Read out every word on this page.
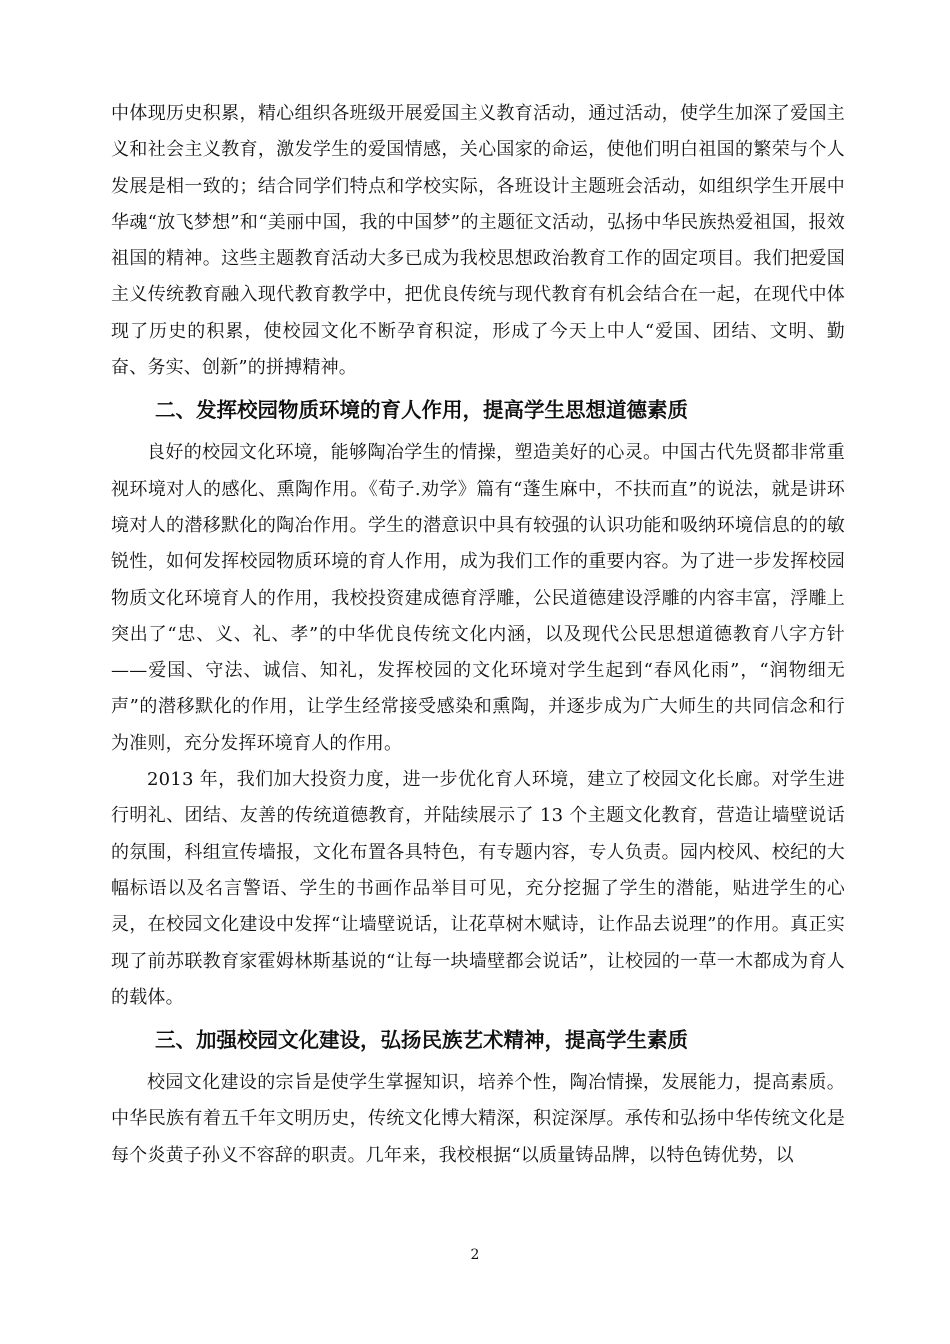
中体现历史积累，精心组织各班级开展爱国主义教育活动，通过活动，使学生加深了爱国主义和社会主义教育，激发学生的爱国情感，关心国家的命运，使他们明白祖国的繁荣与个人发展是相一致的；结合同学们特点和学校实际，各班设计主题班会活动，如组织学生开展中华魂“放飞梦想”和“美丽中国，我的中国梦”的主题征文活动，弘扬中华民族热爱祖国，报效祖国的精神。这些主题教育活动大多已成为我校思想政治教育工作的固定项目。我们把爱国主义传统教育融入现代教育教学中，把优良传统与现代教育有机会结合在一起，在现代中体现了历史的积累，使校园文化不断孕育积淀，形成了今天上中人“爱国、团结、文明、勤奋、务实、创新”的拼搏精神。

二、发挥校园物质环境的育人作用，提高学生思想道德素质

良好的校园文化环境，能够陶冶学生的情操，塑造美好的心灵。中国古代先贤都非常重视环境对人的感化、熏陶作用。《荀子.劝学》篇有“蓬生麻中，不扶而直”的说法，就是讲环境对人的潜移默化的陶冶作用。学生的潜意识中具有较强的认识功能和吸纳环境信息的的敏锐性，如何发挥校园物质环境的育人作用，成为我们工作的重要内容。为了进一步发挥校园物质文化环境育人的作用，我校投资建成德育浮雕，公民道德建设浮雕的内容丰富，浮雕上突出了“忠、义、礼、孝”的中华优良传统文化内涵，以及现代公民思想道德教育八字方针——爱国、守法、诚信、知礼，发挥校园的文化环境对学生起到“春风化雨”，“润物细无声”的潜移默化的作用，让学生经常接受感染和熏陶，并逐步成为广大师生的共同信念和行为准则，充分发挥环境育人的作用。

2013 年，我们加大投资力度，进一步优化育人环境，建立了校园文化长廊。对学生进行明礼、团结、友善的传统道德教育，并陆续展示了 13 个主题文化教育，营造让墙壁说话的氛围，科组宣传墙报，文化布置各具特色，有专题内容，专人负责。园内校风、校纪的大幅标语以及名言警语、学生的书画作品举目可见，充分挖掘了学生的潜能，贴进学生的心灵，在校园文化建设中发挥“让墙壁说话，让花草树木赋诗，让作品去说理”的作用。真正实现了前苏联教育家霍姆林斯基说的“让每一块墙壁都会说话”，让校园的一草一木都成为育人的载体。

三、加强校园文化建设，弘扬民族艺术精神，提高学生素质

校园文化建设的宗旨是使学生掌握知识，培养个性，陶冶情操，发展能力，提高素质。中华民族有着五千年文明历史，传统文化博大精深，积淀深厚。承传和弘扬中华传统文化是每个炎黄子孙义不容辞的职责。几年来，我校根据“以质量铸品牌，以特色铸优势，以

2
